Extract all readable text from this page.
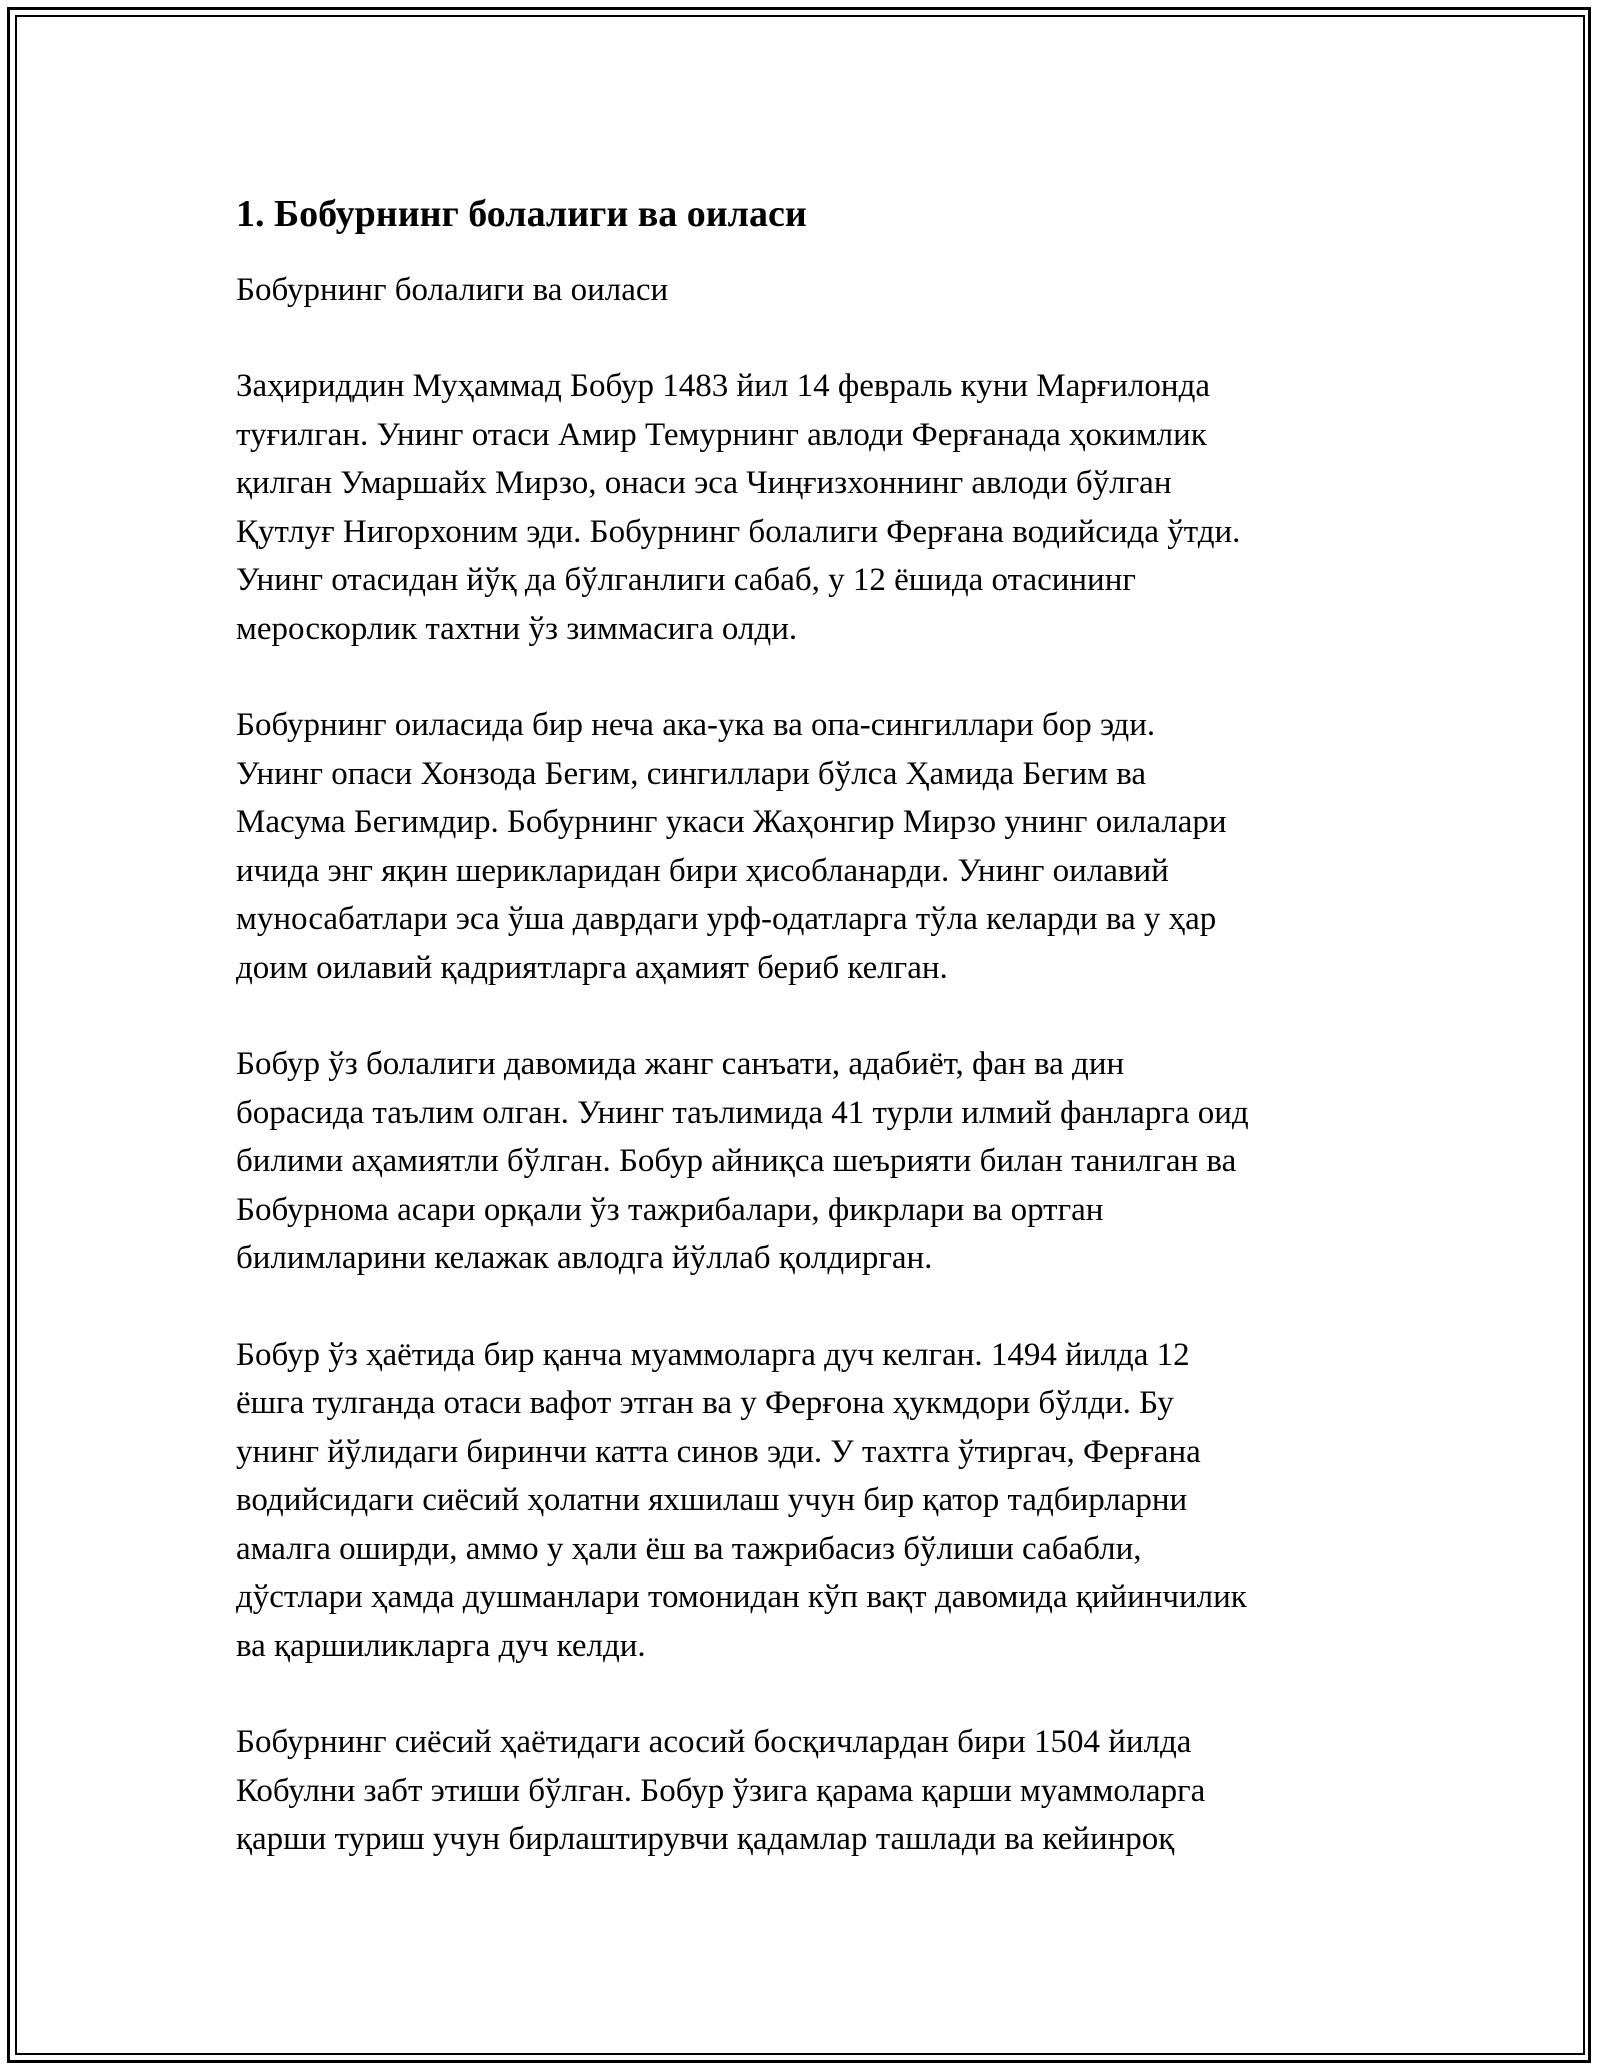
1. Бобурнинг болалиги ва оиласи
Бобурнинг болалиги ва оиласи
Заҳириддин Муҳаммад Бобур 1483 йил 14 февраль куни Марғилонда
туғилган. Унинг отаси Амир Темурнинг авлоди Ферғанада ҳокимлик
қилган Умаршайх Мирзо, онаси эса Чиңғизхоннинг авлоди бўлган
Қутлуғ Нигорхоним эди. Бобурнинг болалиги Ферғана водийсида ўтди.
Унинг отасидан йўқ да бўлганлиги сабаб, у 12 ёшида отасининг
мероскорлик тахтни ўз зиммасига олди.
Бобурнинг оиласида бир неча ака-ука ва опа-сингиллари бор эди.
Унинг опаси Хонзода Бегим, сингиллари бўлса Ҳамида Бегим ва
Масума Бегимдир. Бобурнинг укаси Жаҳонгир Мирзо унинг оилалари
ичида энг яқин шерикларидан бири ҳисобланарди. Унинг оилавий
муносабатлари эса ўша даврдаги урф-одатларга тўла келарди ва у ҳар
доим оилавий қадриятларга аҳамият бериб келган.
Бобур ўз болалиги давомида жанг санъати, адабиёт, фан ва дин
борасида таълим олган. Унинг таълимида 41 турли илмий фанларга оид
билими аҳамиятли бўлган. Бобур айниқса шеърияти билан танилган ва
Бобурнома асари орқали ўз тажрибалари, фикрлари ва ортган
билимларини келажак авлодга йўллаб қолдирган.
Бобур ўз ҳаётида бир қанча муаммоларга дуч келган. 1494 йилда 12
ёшга тулганда отаси вафот этган ва у Ферғона ҳукмдори бўлди. Бу
унинг йўлидаги биринчи катта синов эди. У тахтга ўтиргач, Ферғана
водийсидаги сиёсий ҳолатни яхшилаш учун бир қатор тадбирларни
амалга оширди, аммо у ҳали ёш ва тажрибасиз бўлиши сабабли,
дўстлари ҳамда душманлари томонидан кўп вақт давомида қийинчилик
ва қаршиликларга дуч келди.
Бобурнинг сиёсий ҳаётидаги асосий босқичлардан бири 1504 йилда
Кобулни забт этиши бўлган. Бобур ўзига қарама қарши муаммоларга
қарши туриш учун бирлаштирувчи қадамлар ташлади ва кейинроқ
